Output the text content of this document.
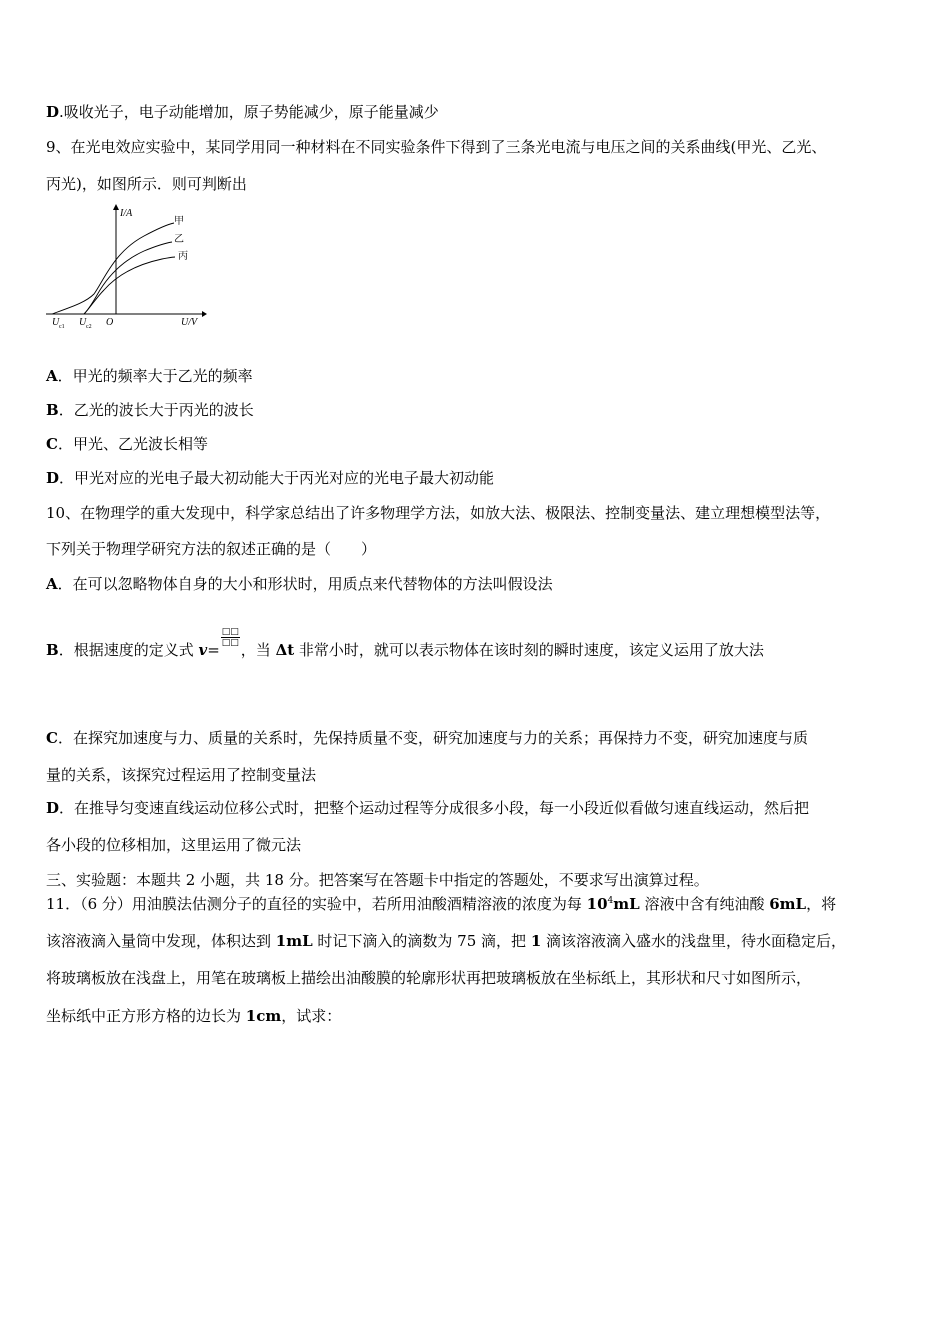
D.吸收光子，电子动能增加，原子势能减少，原子能量减少
9、在光电效应实验中，某同学用同一种材料在不同实验条件下得到了三条光电流与电压之间的关系曲线(甲光、乙光、
丙光)，如图所示．则可判断出
I/A
U/V
O
U c1 U c2
甲
乙
丙
A．甲光的频率大于乙光的频率
B．乙光的波长大于丙光的波长
C．甲光、乙光波长相等
D．甲光对应的光电子最大初动能大于丙光对应的光电子最大初动能
10、在物理学的重大发现中，科学家总结出了许多物理学方法，如放大法、极限法、控制变量法、建立理想模型法等，
下列关于物理学研究方法的叙述正确的是（　　）
A．在可以忽略物体自身的大小和形状时，用质点来代替物体的方法叫假设法
B．根据速度的定义式 v=
$\frac{□□}{□□}$
，当 Δt 非常小时，就可以表示物体在该时刻的瞬时速度，该定义运用了放大法
C．在探究加速度与力、质量的关系时，先保持质量不变，研究加速度与力的关系；再保持力不变，研究加速度与质
量的关系，该探究过程运用了控制变量法
D．在推导匀变速直线运动位移公式时，把整个运动过程等分成很多小段，每一小段近似看做匀速直线运动，然后把
各小段的位移相加，这里运用了微元法
三、实验题：本题共 2 小题，共 18 分。把答案写在答题卡中指定的答题处，不要求写出演算过程。
11．（6 分）用油膜法估测分子的直径的实验中，若所用油酸酒精溶液的浓度为每 $10^4mL$ 溶液中含有纯油酸 6mL，将
该溶液滴入量筒中发现，体积达到 1mL 时记下滴入的滴数为 75 滴，把 1 滴该溶液滴入盛水的浅盘里，待水面稳定后，
将玻璃板放在浅盘上，用笔在玻璃板上描绘出油酸膜的轮廓形状再把玻璃板放在坐标纸上，其形状和尺寸如图所示，
坐标纸中正方形方格的边长为 1cm，试求：
